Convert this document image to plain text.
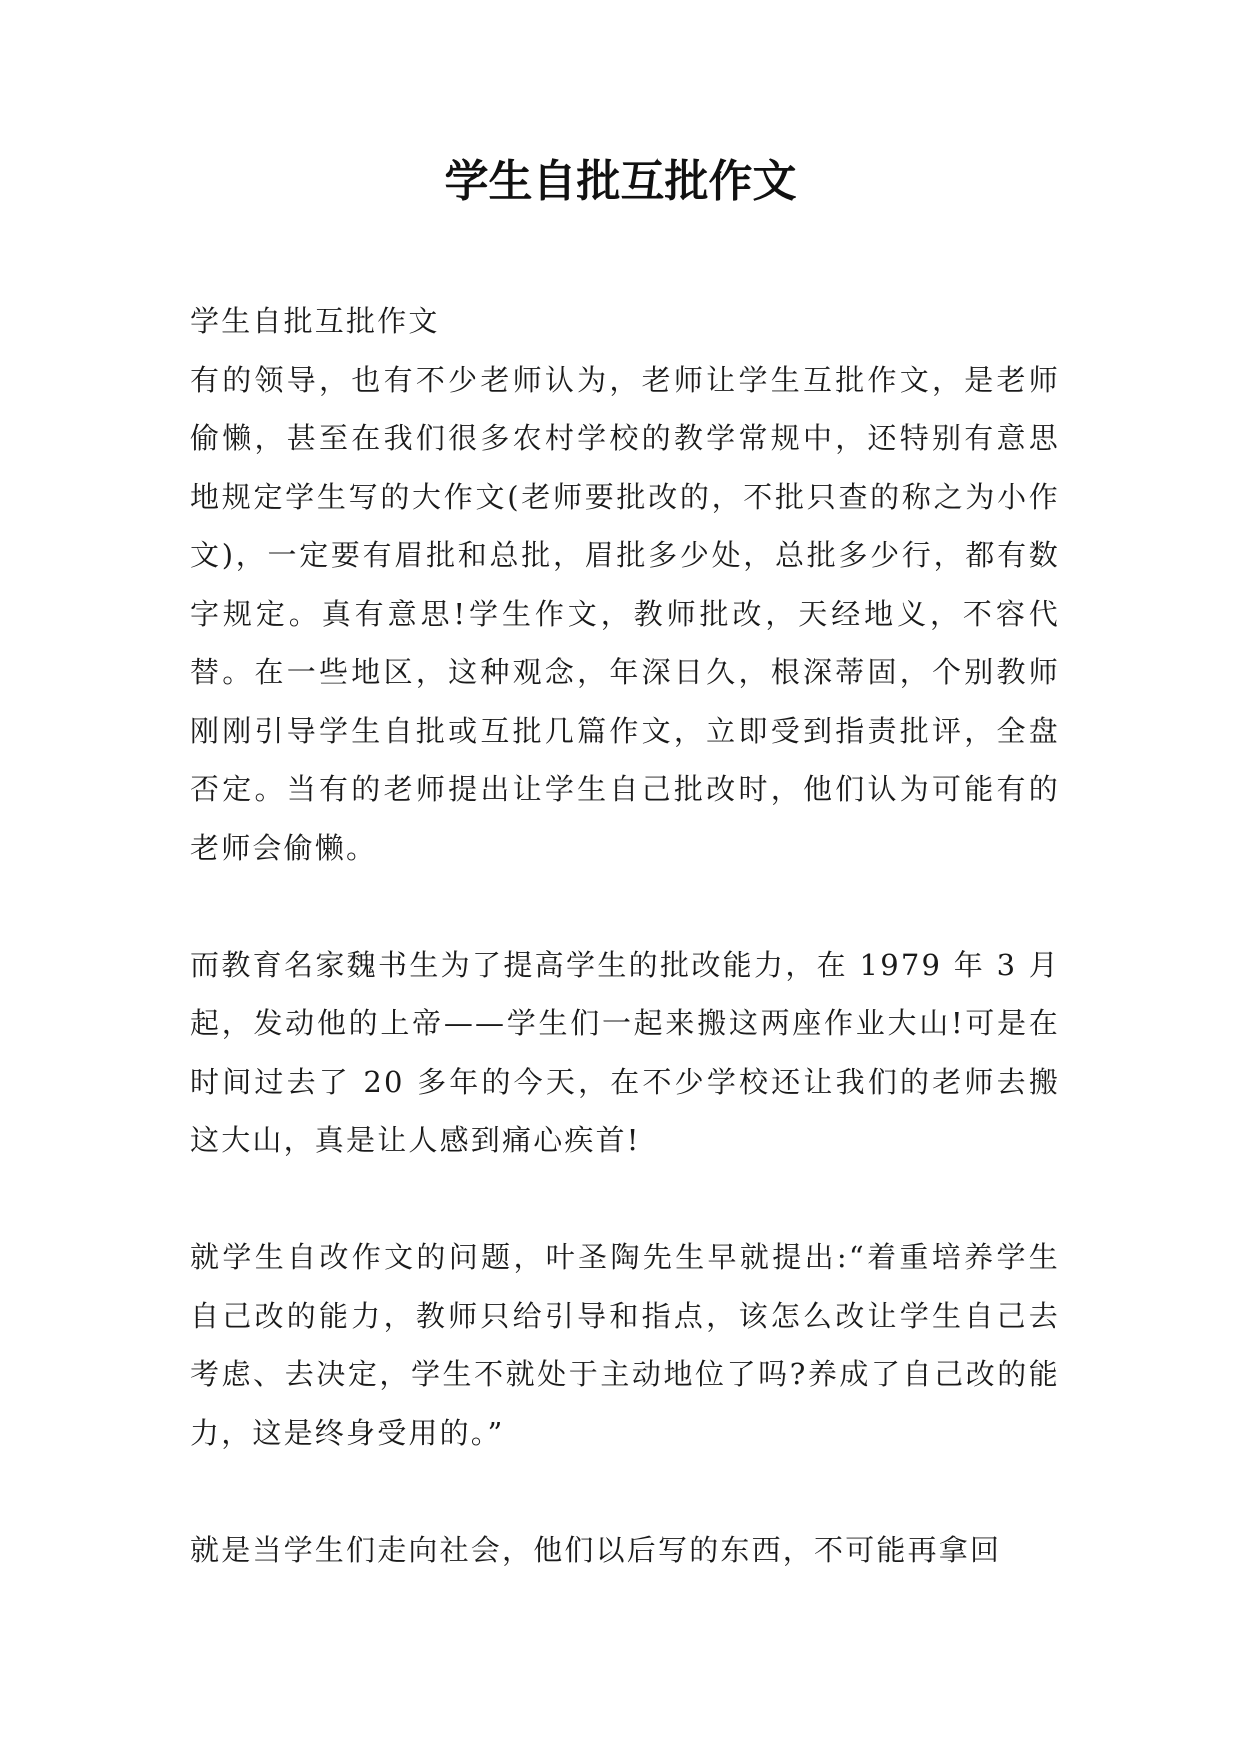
学生自批互批作文

学生自批互批作文

有的领导，也有不少老师认为，老师让学生互批作文，是老师偷懒，甚至在我们很多农村学校的教学常规中，还特别有意思地规定学生写的大作文(老师要批改的，不批只查的称之为小作文)，一定要有眉批和总批，眉批多少处，总批多少行，都有数字规定。真有意思!学生作文，教师批改，天经地义，不容代替。在一些地区，这种观念，年深日久，根深蒂固，个别教师刚刚引导学生自批或互批几篇作文，立即受到指责批评，全盘否定。当有的老师提出让学生自己批改时，他们认为可能有的老师会偷懒。

而教育名家魏书生为了提高学生的批改能力，在 1979 年 3 月起，发动他的上帝——学生们一起来搬这两座作业大山!可是在时间过去了 20 多年的今天，在不少学校还让我们的老师去搬这大山，真是让人感到痛心疾首!

就学生自改作文的问题，叶圣陶先生早就提出:“着重培养学生自己改的能力，教师只给引导和指点，该怎么改让学生自己去考虑、去决定，学生不就处于主动地位了吗?养成了自己改的能力，这是终身受用的。”

就是当学生们走向社会，他们以后写的东西，不可能再拿回
